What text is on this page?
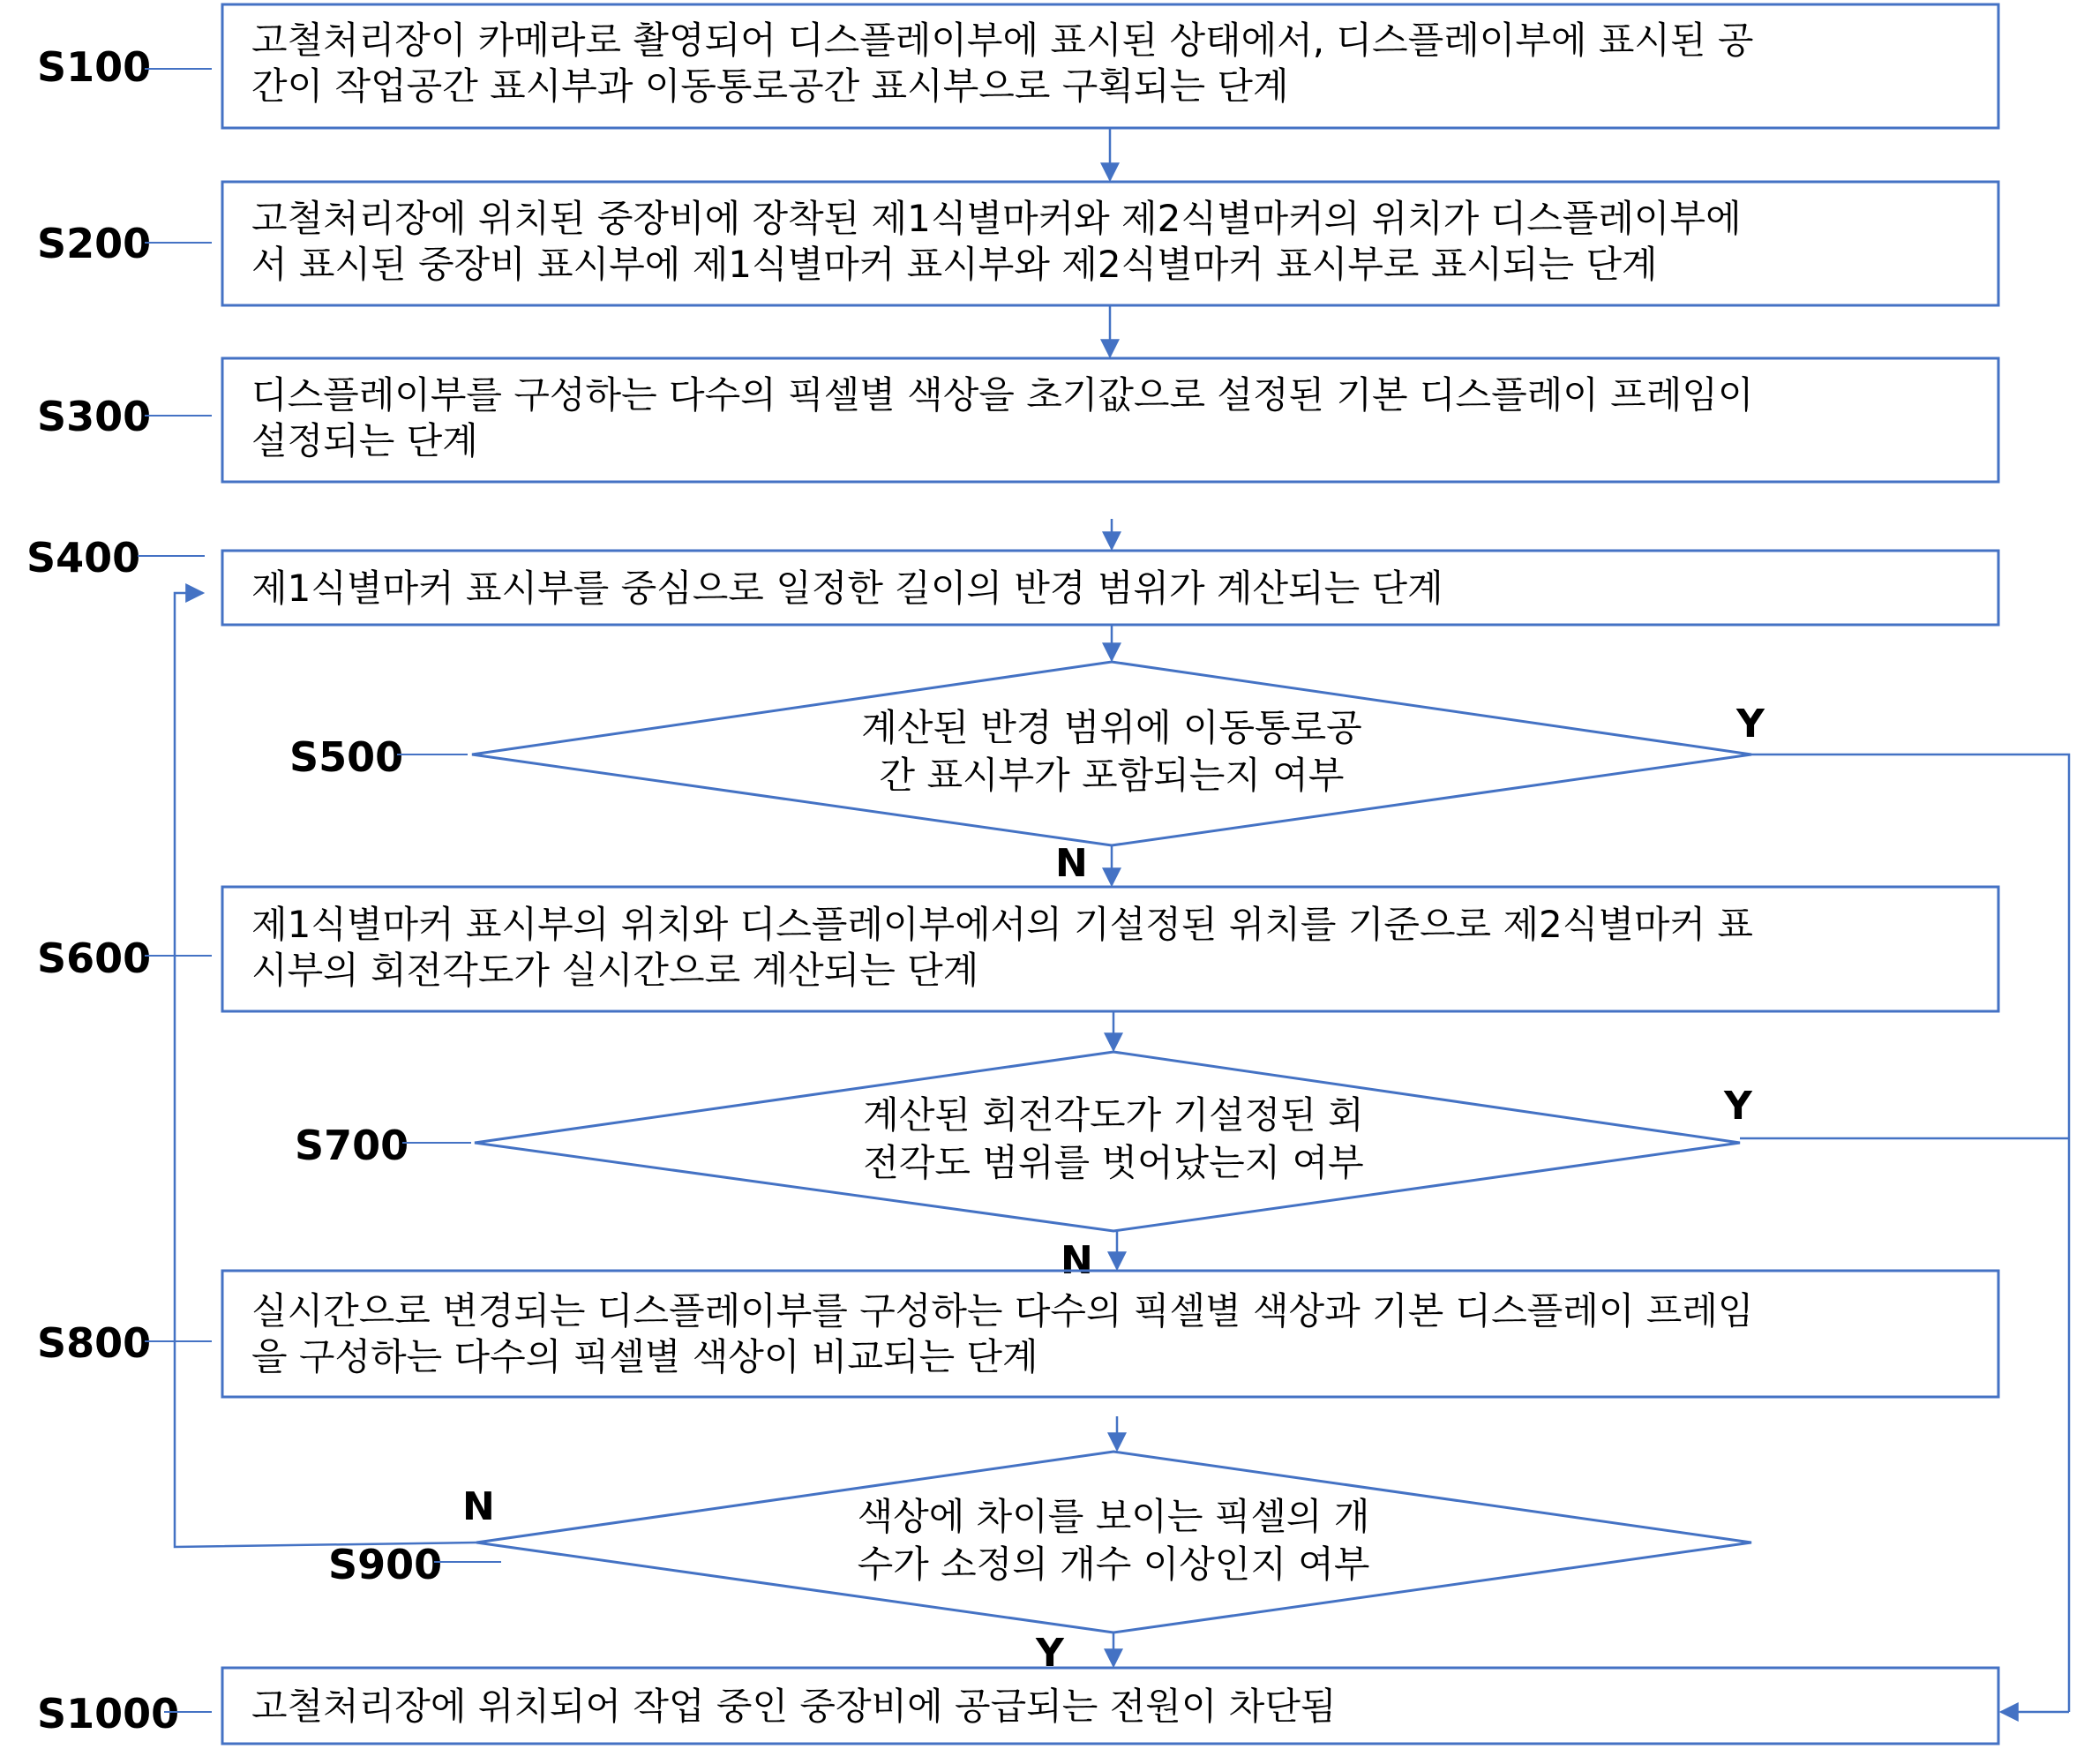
S100
고철처리장이 카메라로 촬영되어 디스플레이부에 표시된 상태에서, 디스플레이부에 표시된 공
간이 작업공간 표시부과 이동통로공간 표시부으로 구획되는 단계
S200
고철처리장에 위치된 중장비에 장착된 제1식별마커와 제2식별마커의 위치가 디스플레이부에
서 표시된 중장비 표시부에 제1식별마커 표시부와 제2식별마커 표시부로 표시되는 단계
S300	디스플레이부를 구성하는 다수의 픽셀별 색상을 초기값으로 설정된 기본 디스플레이 프레임이
설정되는 단계
S400
제1식별마커 표시부를 중심으로 일정한 길이의 반경 범위가 계산되는 단계
S500
계산된 반경 범위에 이동통로공
간 표시부가 포함되는지 여부
Y
N
S600
제1식별마커 표시부의 위치와 디스플레이부에서의 기설정된 위치를 기준으로 제2식별마커 표
시부의 회전각도가 실시간으로 계산되는 단계
S700
계산된 회전각도가 기설정된 회
전각도 범위를 벗어났는지 여부
Y
N
S800
실시간으로 변경되는 디스플레이부를 구성하는 다수의 픽셀별 색상과 기본 디스플레이 프레임
을 구성하는 다수의 픽셀별 색상이 비교되는 단계
S900
색상에 차이를 보이는 픽셀의 개
수가 소정의 개수 이상인지 여부
N
Y
S1000 고철처리장에 위치되어 작업 중인 중장비에 공급되는 전원이 차단됨
